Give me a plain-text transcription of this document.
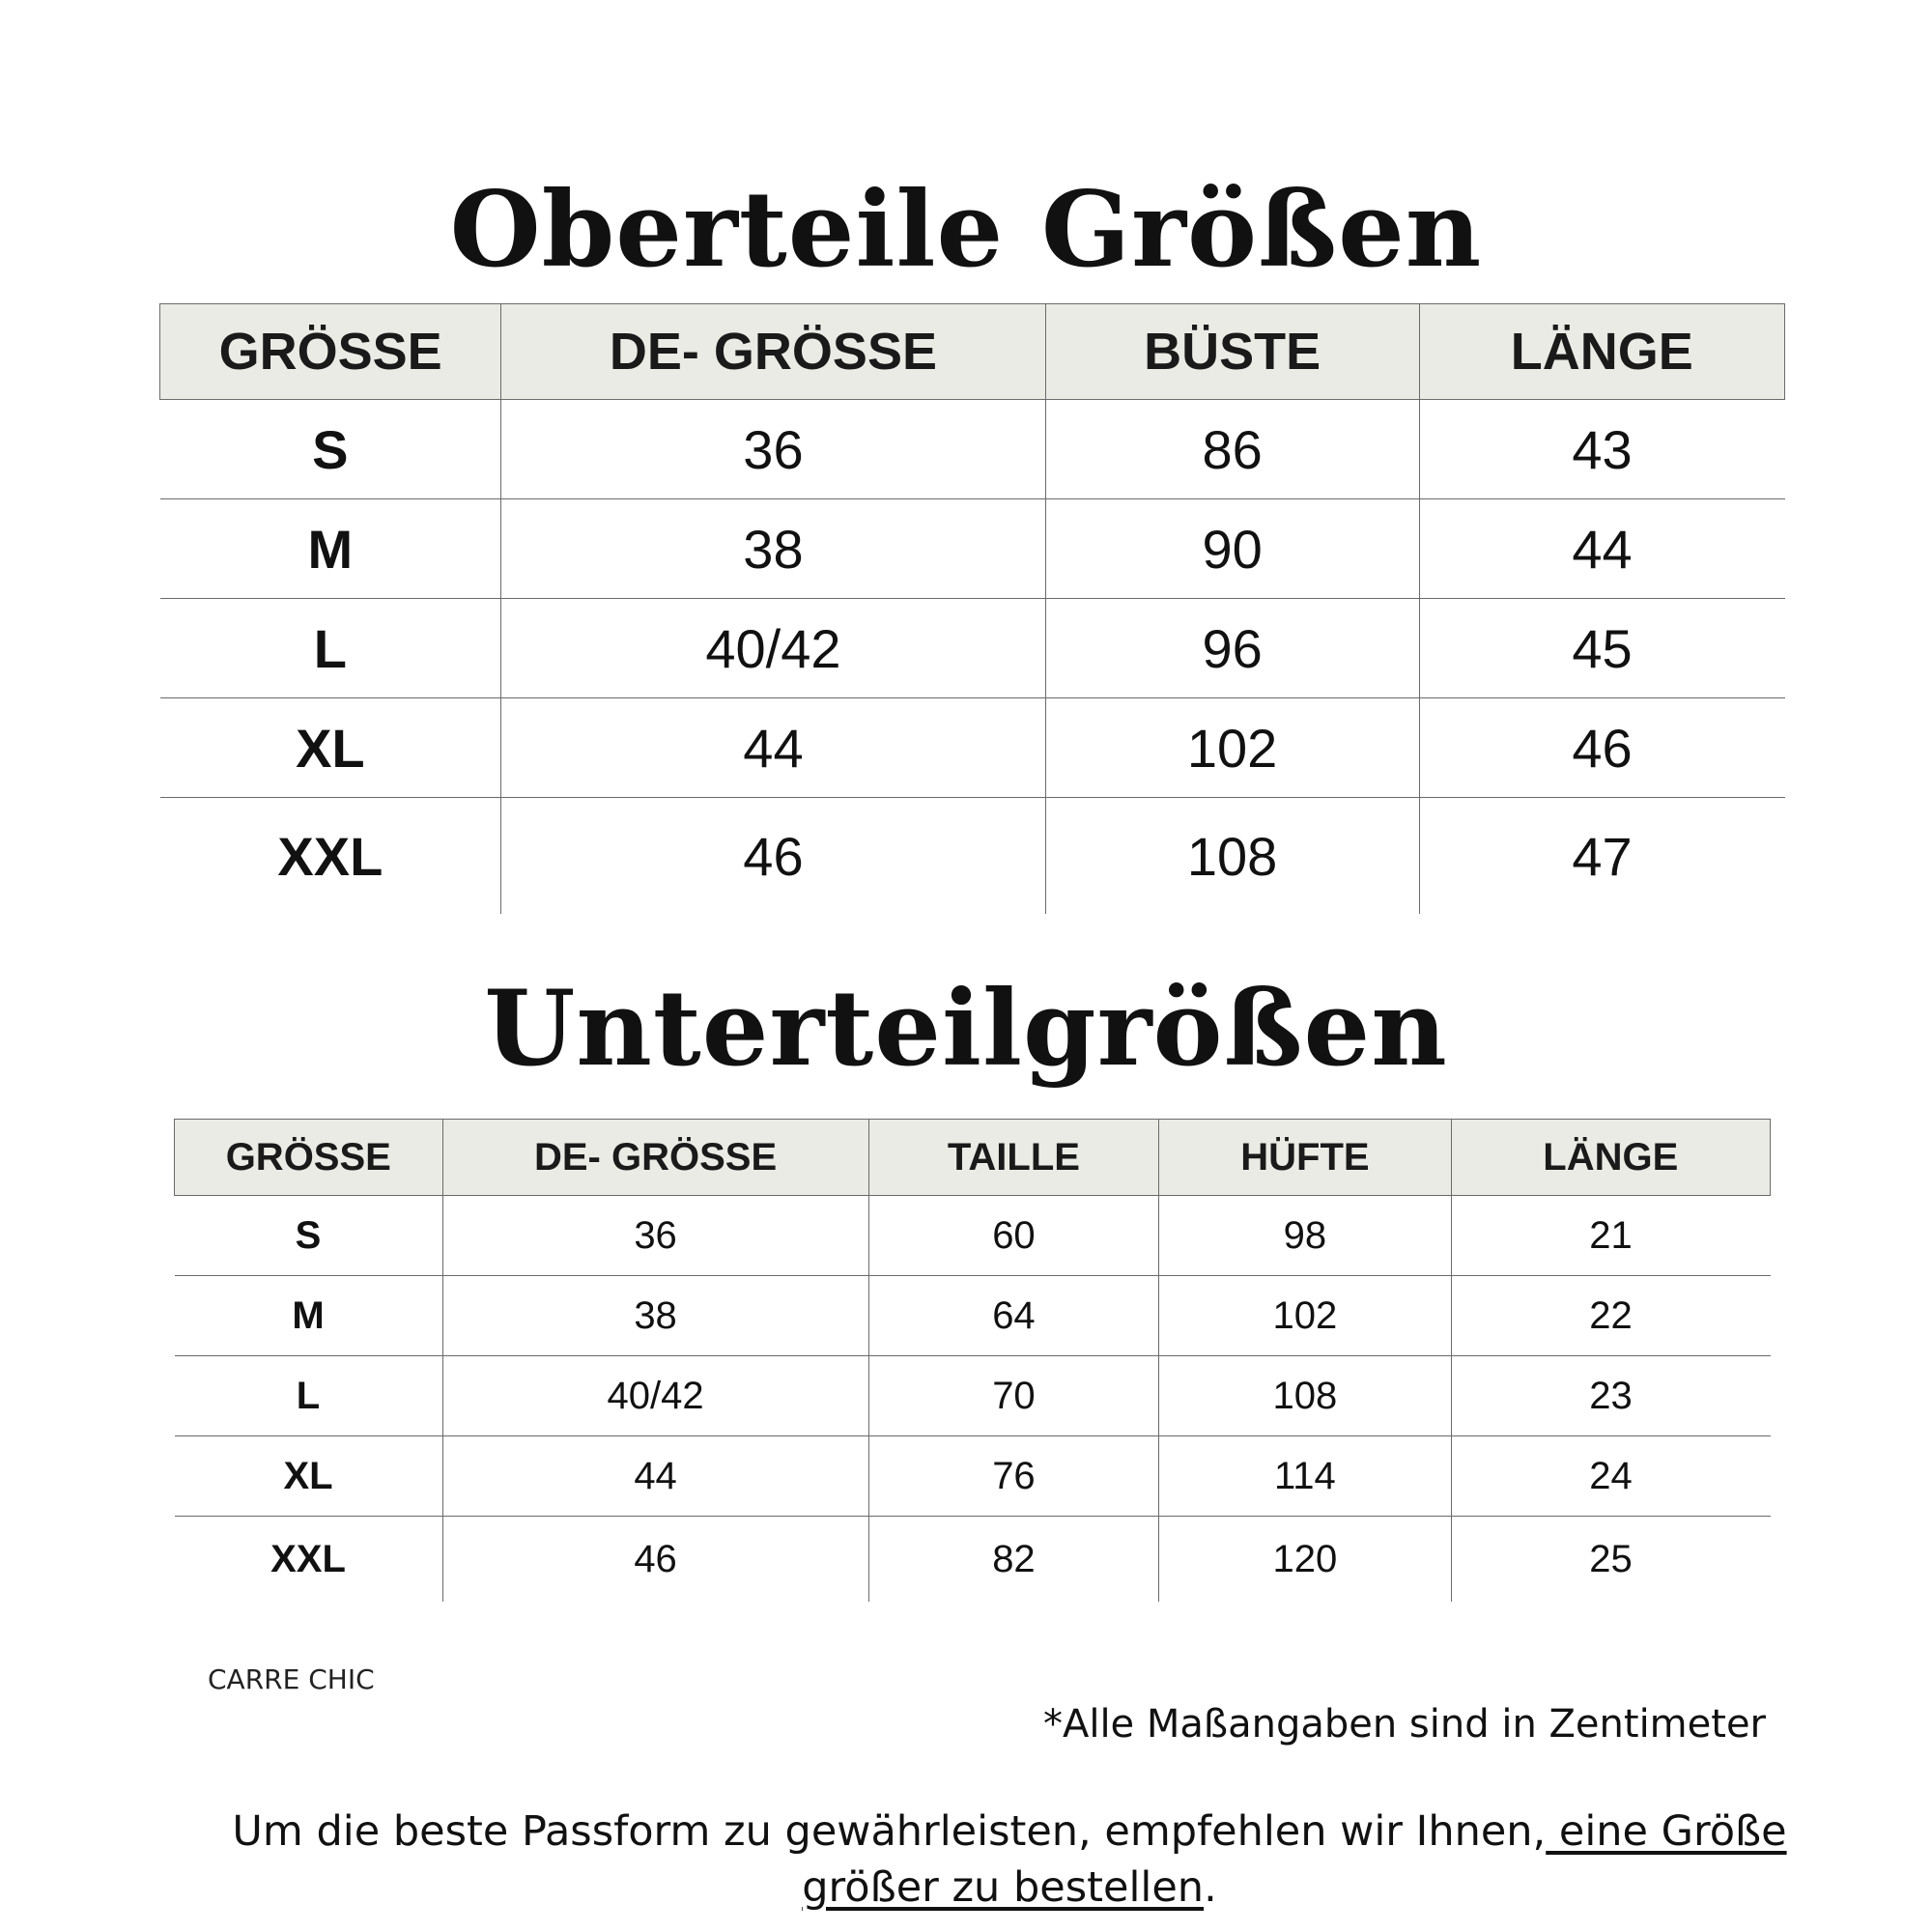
Oberteile Größen
GRÖSSE	DE- GRÖSSE	BÜSTE	LÄNGE
S	36	86	43
M	38	90	44
L	40/42	96	45
XL	44	102	46
XXL	46	108	47
Unterteilgrößen
GRÖSSE	DE- GRÖSSE	TAILLE	HÜFTE	LÄNGE
S	36	60	98	21
M	38	64	102	22
L	40/42	70	108	23
XL	44	76	114	24
XXL	46	82	120	25
CARRE CHIC
*Alle Maßangaben sind in Zentimeter
Um die beste Passform zu gewährleisten, empfehlen wir Ihnen, eine Größe größer zu bestellen.
